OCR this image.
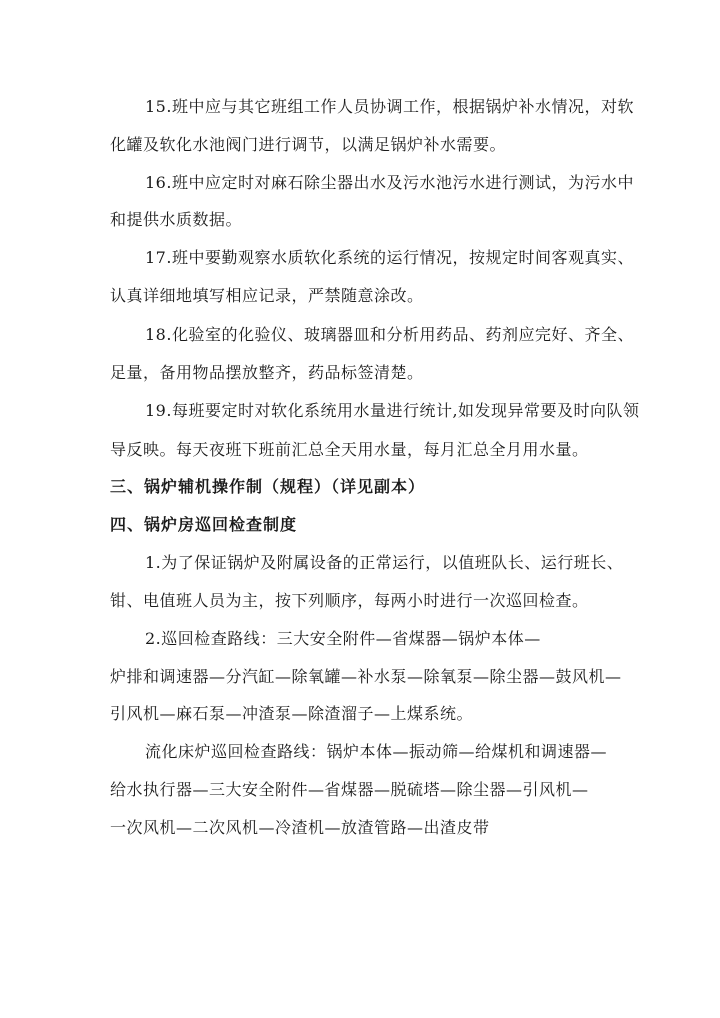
15.班中应与其它班组工作人员协调工作，根据锅炉补水情况，对软
化罐及软化水池阀门进行调节，以满足锅炉补水需要。
16.班中应定时对麻石除尘器出水及污水池污水进行测试，为污水中
和提供水质数据。
17.班中要勤观察水质软化系统的运行情况，按规定时间客观真实、
认真详细地填写相应记录，严禁随意涂改。
18.化验室的化验仪、玻璃器皿和分析用药品、药剂应完好、齐全、
足量，备用物品摆放整齐，药品标签清楚。
19.每班要定时对软化系统用水量进行统计,如发现异常要及时向队领
导反映。每天夜班下班前汇总全天用水量，每月汇总全月用水量。
三、锅炉辅机操作制（规程）（详见副本）
四、锅炉房巡回检查制度
1.为了保证锅炉及附属设备的正常运行，以值班队长、运行班长、
钳、电值班人员为主，按下列顺序，每两小时进行一次巡回检查。
2.巡回检查路线：三大安全附件—省煤器—锅炉本体—
炉排和调速器—分汽缸—除氧罐—补水泵—除氧泵—除尘器—鼓风机—
引风机—麻石泵—冲渣泵—除渣溜子—上煤系统。
流化床炉巡回检查路线：锅炉本体—振动筛—给煤机和调速器—
给水执行器—三大安全附件—省煤器—脱硫塔—除尘器—引风机—
一次风机—二次风机—冷渣机—放渣管路—出渣皮带
